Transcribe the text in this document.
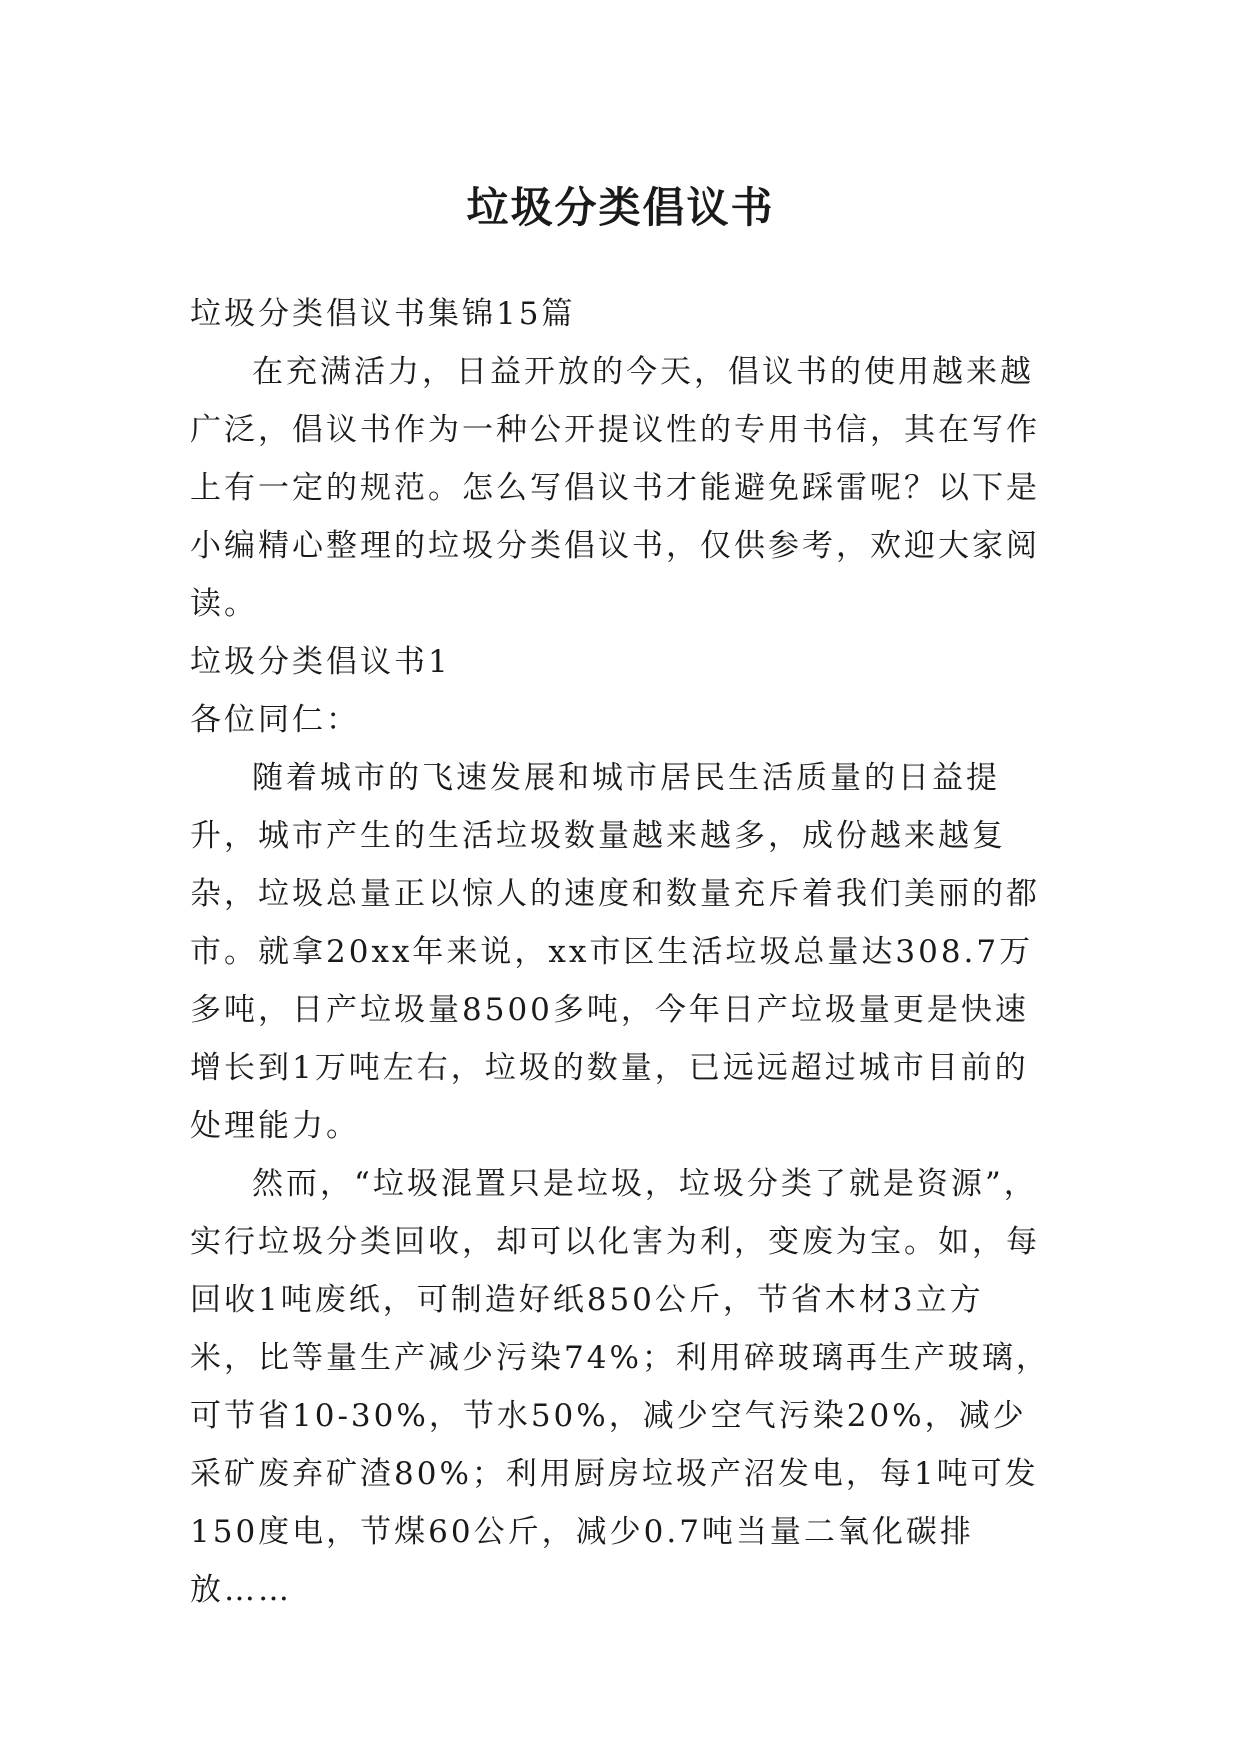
垃圾分类倡议书

垃圾分类倡议书集锦15篇

在充满活力，日益开放的今天，倡议书的使用越来越广泛，倡议书作为一种公开提议性的专用书信，其在写作上有一定的规范。怎么写倡议书才能避免踩雷呢？以下是小编精心整理的垃圾分类倡议书，仅供参考，欢迎大家阅读。

垃圾分类倡议书1

各位同仁：

随着城市的飞速发展和城市居民生活质量的日益提升，城市产生的生活垃圾数量越来越多，成份越来越复杂，垃圾总量正以惊人的速度和数量充斥着我们美丽的都市。就拿20xx年来说，xx市区生活垃圾总量达308.7万多吨，日产垃圾量8500多吨，今年日产垃圾量更是快速增长到1万吨左右，垃圾的数量，已远远超过城市目前的处理能力。

然而，“垃圾混置只是垃圾，垃圾分类了就是资源”，实行垃圾分类回收，却可以化害为利，变废为宝。如，每回收1吨废纸，可制造好纸850公斤，节省木材3立方米，比等量生产减少污染74%；利用碎玻璃再生产玻璃，可节省10-30%，节水50%，减少空气污染20%，减少采矿废弃矿渣80%；利用厨房垃圾产沼发电，每1吨可发150度电，节煤60公斤，减少0.7吨当量二氧化碳排放……
